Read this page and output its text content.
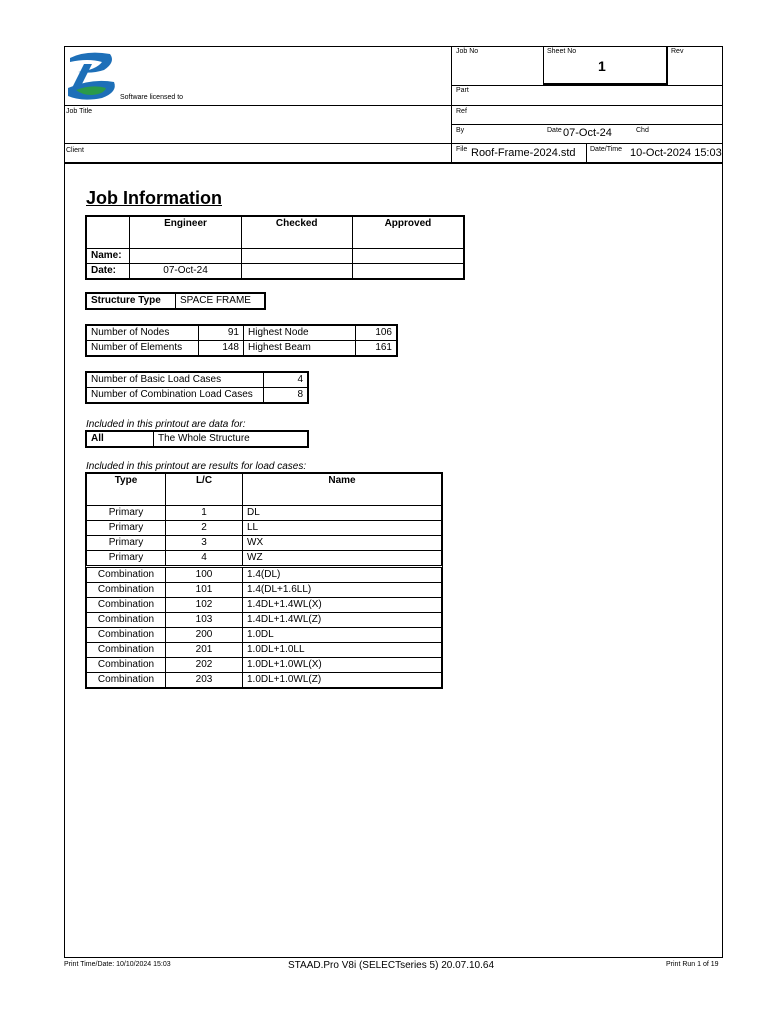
Software licensed to
Job No	Sheet No
1
Rev
Part
Job Title	Ref
By	Date 07-Oct-24	Chd
Client	File Roof-Frame-2024.std Date/Time 10-Oct-2024 15:03
Job Information
	Engineer	Checked	Approved
Name:			
Date:	07-Oct-24		
Structure Type	SPACE FRAME
Number of Nodes	91	Highest Node	106
Number of Elements	148	Highest Beam	161
Number of Basic Load Cases	4
Number of Combination Load Cases	8
Included in this printout are data for:
All	The Whole Structure
Included in this printout are results for load cases:
Type	L/C	Name
Primary	1	DL
Primary	2	LL
Primary	3	WX
Primary	4	WZ
Combination	100	1.4(DL)
Combination	101	1.4(DL+1.6LL)
Combination	102	1.4DL+1.4WL(X)
Combination	103	1.4DL+1.4WL(Z)
Combination	200	1.0DL
Combination	201	1.0DL+1.0LL
Combination	202	1.0DL+1.0WL(X)
Combination	203	1.0DL+1.0WL(Z)
Print Time/Date: 10/10/2024 15:03	STAAD.Pro V8i (SELECTseries 5) 20.07.10.64	Print Run 1 of 19
